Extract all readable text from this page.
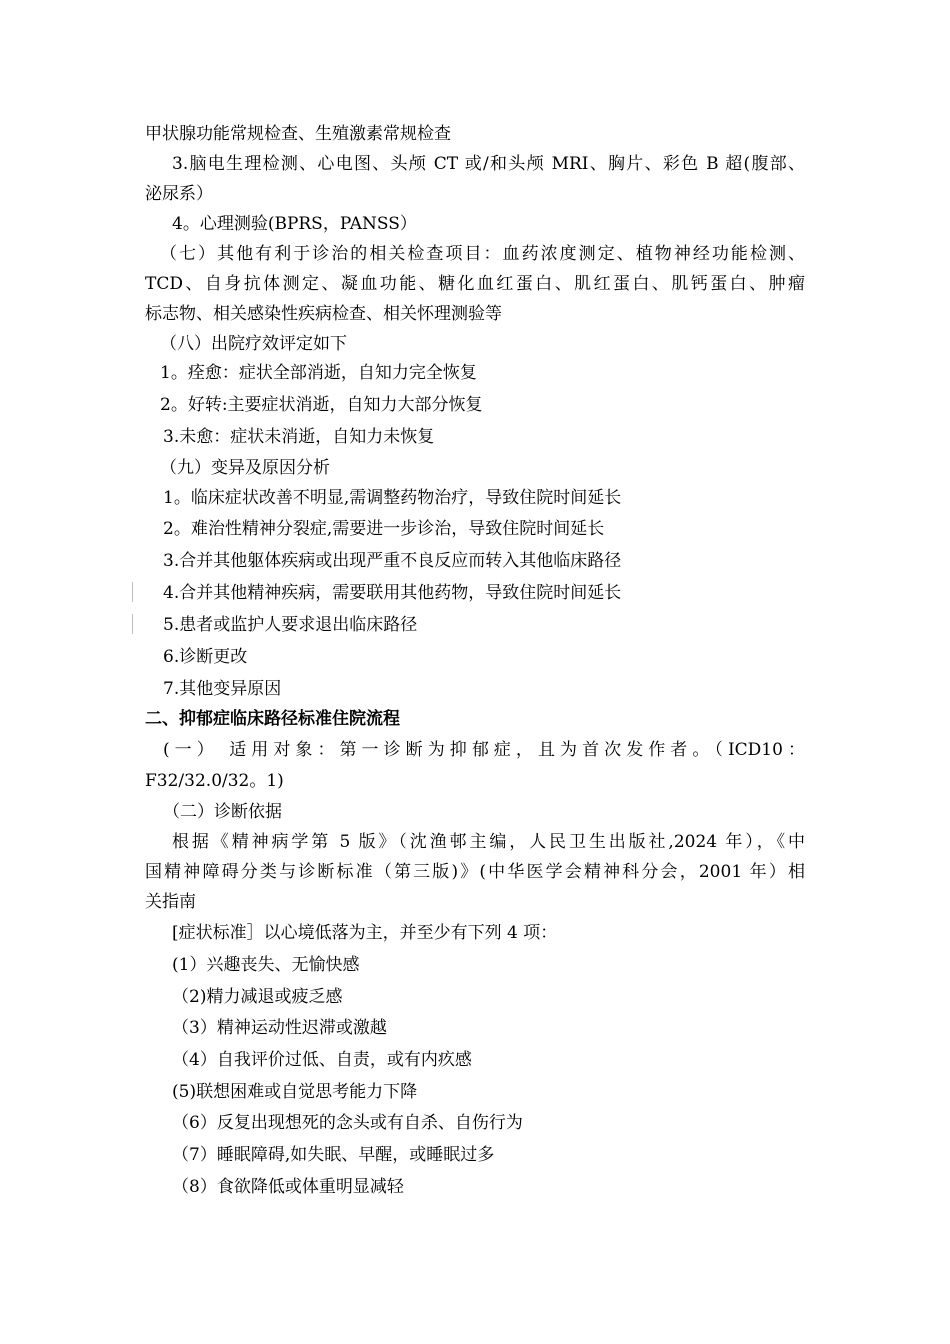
甲状腺功能常规检查、生殖激素常规检查
3.脑电生理检测、心电图、头颅 CT 或/和头颅 MRI、胸片、彩色 B 超(腹部、
泌尿系）
4。心理测验(BPRS，PANSS）
（七）其他有利于诊治的相关检查项目：血药浓度测定、植物神经功能检测、
TCD、自身抗体测定、凝血功能、糖化血红蛋白、肌红蛋白、肌钙蛋白、肿瘤
标志物、相关感染性疾病检查、相关怀理测验等
（八）出院疗效评定如下
1。痊愈：症状全部消逝，自知力完全恢复
2。好转:主要症状消逝，自知力大部分恢复
3.未愈：症状未消逝，自知力未恢复
（九）变异及原因分析
1。临床症状改善不明显,需调整药物治疗，导致住院时间延长
2。难治性精神分裂症,需要进一步诊治，导致住院时间延长
3.合并其他躯体疾病或出现严重不良反应而转入其他临床路径
4.合并其他精神疾病，需要联用其他药物，导致住院时间延长
5.患者或监护人要求退出临床路径
6.诊断更改
7.其他变异原因
二、抑郁症临床路径标准住院流程
(一） 适用对象：第一诊断为抑郁症，且为首次发作者。（ICD10：
F32/32.0/32。1)
（二）诊断依据
根据《精神病学第 5 版》（沈渔邨主编，人民卫生出版社,2024 年），《中
国精神障碍分类与诊断标准（第三版)》(中华医学会精神科分会，2001 年）相
关指南
[症状标准］以心境低落为主，并至少有下列 4 项：
(1）兴趣丧失、无愉快感
（2)精力减退或疲乏感
（3）精神运动性迟滞或激越
（4）自我评价过低、自责，或有内疚感
(5)联想困难或自觉思考能力下降
（6）反复出现想死的念头或有自杀、自伤行为
（7）睡眠障碍,如失眠、早醒，或睡眠过多
（8）食欲降低或体重明显减轻
